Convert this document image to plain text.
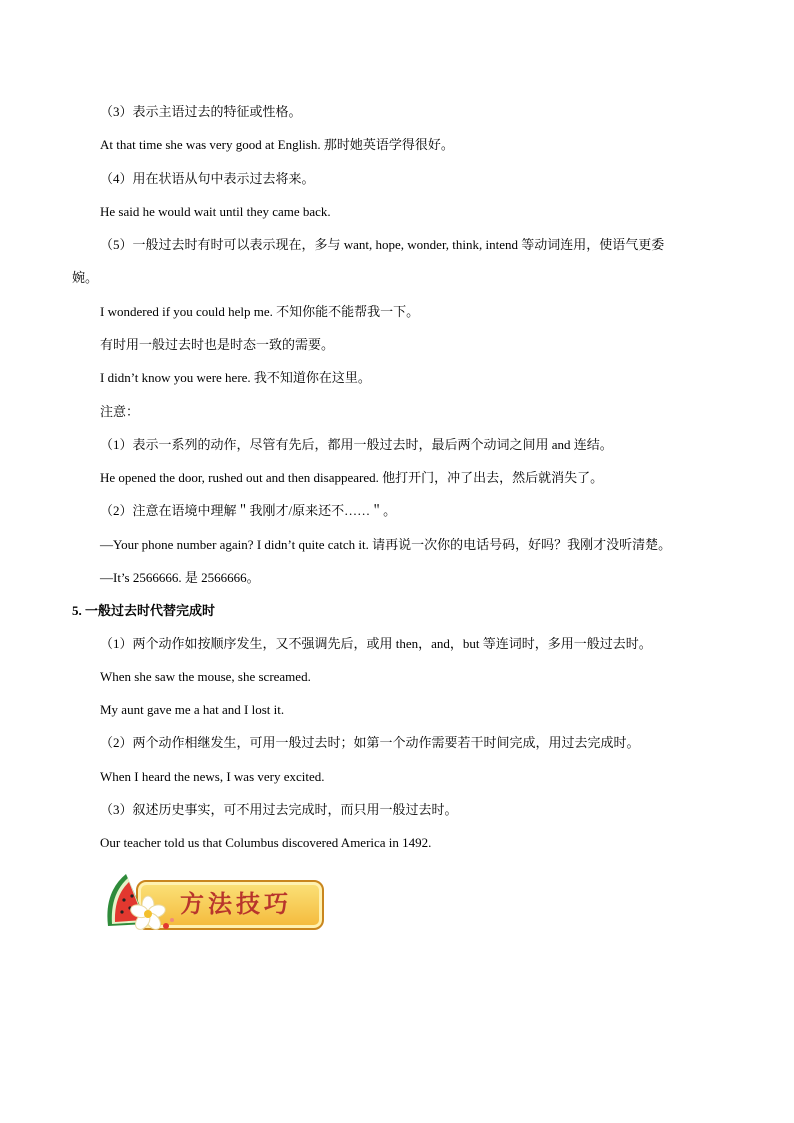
（3）表示主语过去的特征或性格。
At that time she was very good at English. 那时她英语学得很好。
（4）用在状语从句中表示过去将来。
He said he would wait until they came back.
（5）一般过去时有时可以表示现在，多与 want, hope, wonder, think, intend 等动词连用，使语气更委
婉。
I wondered if you could help me. 不知你能不能帮我一下。
有时用一般过去时也是时态一致的需要。
I didn’t know you were here. 我不知道你在这里。
注意：
（1）表示一系列的动作，尽管有先后，都用一般过去时，最后两个动词之间用 and 连结。
He opened the door, rushed out and then disappeared. 他打开门，冲了出去，然后就消失了。
（2）注意在语境中理解＂我刚才/原来还不……＂。
—Your phone number again? I didn’t quite catch it. 请再说一次你的电话号码，好吗？我刚才没听清楚。
—It’s 2566666. 是 2566666。
5. 一般过去时代替完成时
（1）两个动作如按顺序发生，又不强调先后，或用 then，and，but 等连词时，多用一般过去时。
When she saw the mouse, she screamed.
My aunt gave me a hat and I lost it.
（2）两个动作相继发生，可用一般过去时；如第一个动作需要若干时间完成，用过去完成时。
When I heard the news, I was very excited.
（3）叙述历史事实，可不用过去完成时，而只用一般过去时。
Our teacher told us that Columbus discovered America in 1492.
方法技巧
